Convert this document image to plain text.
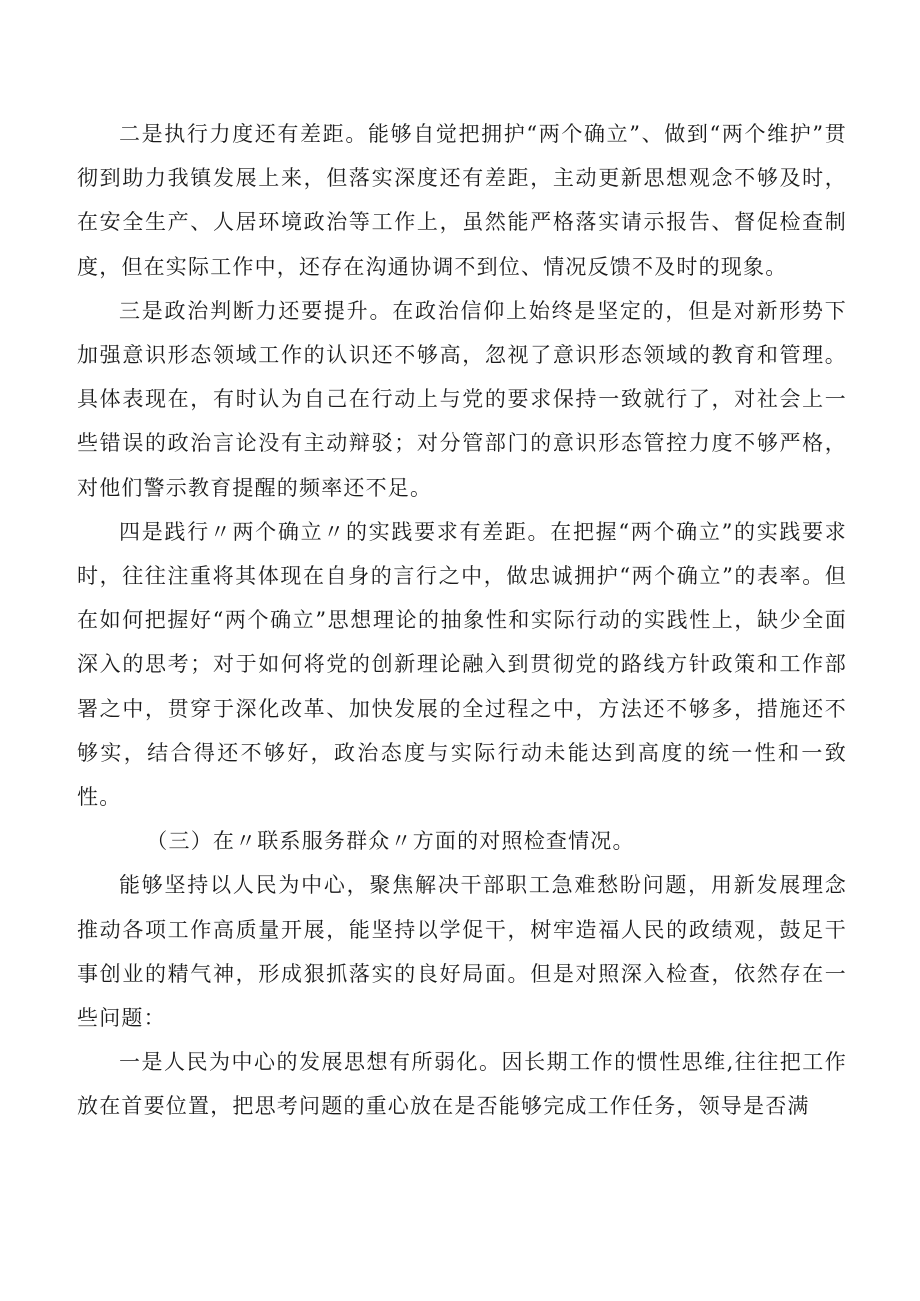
二是执行力度还有差距。能够自觉把拥护“两个确立”、做到“两个维护”贯彻到助力我镇发展上来，但落实深度还有差距，主动更新思想观念不够及时，在安全生产、人居环境政治等工作上，虽然能严格落实请示报告、督促检查制度，但在实际工作中，还存在沟通协调不到位、情况反馈不及时的现象。

三是政治判断力还要提升。在政治信仰上始终是坚定的，但是对新形势下加强意识形态领域工作的认识还不够高，忽视了意识形态领域的教育和管理。具体表现在，有时认为自己在行动上与党的要求保持一致就行了，对社会上一些错误的政治言论没有主动辩驳；对分管部门的意识形态管控力度不够严格，对他们警示教育提醒的频率还不足。

四是践行〃两个确立〃的实践要求有差距。在把握“两个确立”的实践要求时，往往注重将其体现在自身的言行之中，做忠诚拥护“两个确立”的表率。但在如何把握好“两个确立”思想理论的抽象性和实际行动的实践性上，缺少全面深入的思考；对于如何将党的创新理论融入到贯彻党的路线方针政策和工作部署之中，贯穿于深化改革、加快发展的全过程之中，方法还不够多，措施还不够实，结合得还不够好，政治态度与实际行动未能达到高度的统一性和一致性。

（三）在〃联系服务群众〃方面的对照检查情况。

能够坚持以人民为中心，聚焦解决干部职工急难愁盼问题，用新发展理念推动各项工作高质量开展，能坚持以学促干，树牢造福人民的政绩观，鼓足干事创业的精气神，形成狠抓落实的良好局面。但是对照深入检查，依然存在一些问题：

一是人民为中心的发展思想有所弱化。因长期工作的惯性思维,往往把工作放在首要位置，把思考问题的重心放在是否能够完成工作任务，领导是否满
